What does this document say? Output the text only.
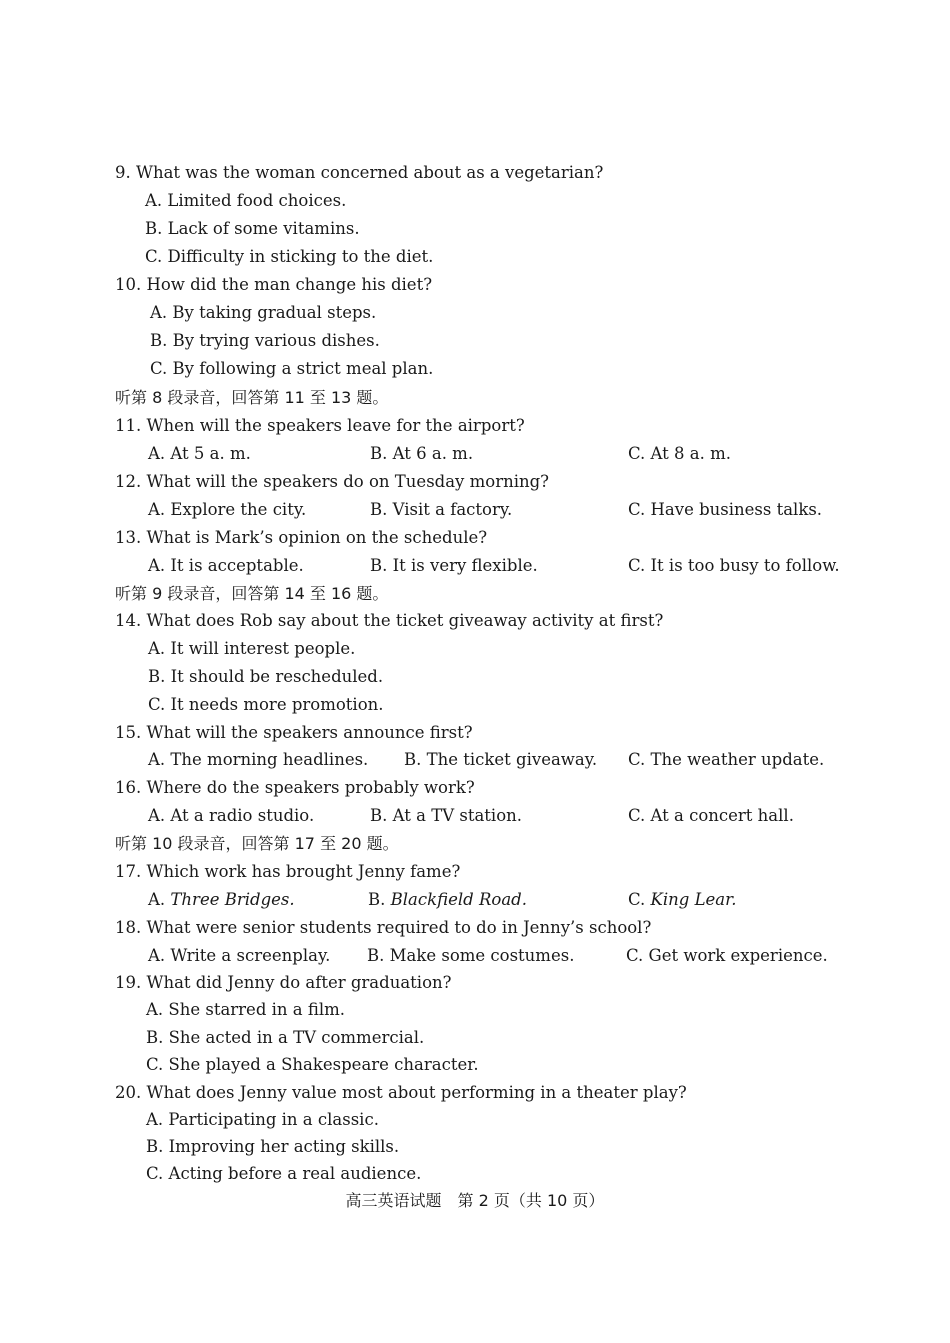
9. What was the woman concerned about as a vegetarian?
A. Limited food choices.
B. Lack of some vitamins.
C. Difficulty in sticking to the diet.
10. How did the man change his diet?
A. By taking gradual steps.
B. By trying various dishes.
C. By following a strict meal plan.
听第 8 段录音，回答第 11 至 13 题。
11. When will the speakers leave for the airport?
A. At 5 a. m.	B. At 6 a. m.	C. At 8 a. m.
12. What will the speakers do on Tuesday morning?
A. Explore the city.	B. Visit a factory.	C. Have business talks.
13. What is Mark’s opinion on the schedule?
A. It is acceptable.	B. It is very flexible.	C. It is too busy to follow.
听第 9 段录音，回答第 14 至 16 题。
14. What does Rob say about the ticket giveaway activity at first?
A. It will interest people.
B. It should be rescheduled.
C. It needs more promotion.
15. What will the speakers announce first?
A. The morning headlines. B. The ticket giveaway. C. The weather update.
16. Where do the speakers probably work?
A. At a radio studio.	B. At a TV station.	C. At a concert hall.
听第 10 段录音，回答第 17 至 20 题。
17. Which work has brought Jenny fame?
A. Three Bridges.	B. Blackfield Road.	C. King Lear.
18. What were senior students required to do in Jenny’s school?
A. Write a screenplay. B. Make some costumes.	C. Get work experience.
19. What did Jenny do after graduation?
A. She starred in a film.
B. She acted in a TV commercial.
C. She played a Shakespeare character.
20. What does Jenny value most about performing in a theater play?
A. Participating in a classic.
B. Improving her acting skills.
C. Acting before a real audience.
高三英语试题　第 2 页（共 10 页）
